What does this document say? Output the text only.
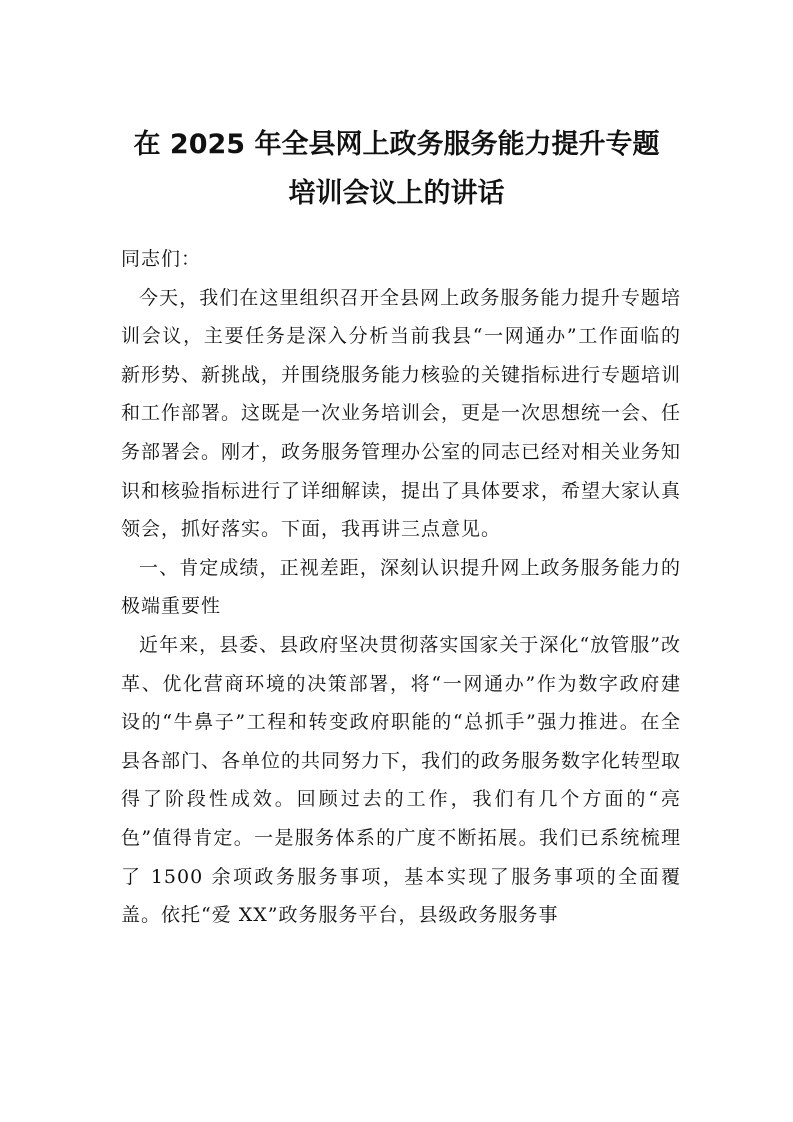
在 2025 年全县网上政务服务能力提升专题
培训会议上的讲话

同志们：

今天，我们在这里组织召开全县网上政务服务能力提升专题培训会议，主要任务是深入分析当前我县“一网通办”工作面临的新形势、新挑战，并围绕服务能力核验的关键指标进行专题培训和工作部署。这既是一次业务培训会，更是一次思想统一会、任务部署会。刚才，政务服务管理办公室的同志已经对相关业务知识和核验指标进行了详细解读，提出了具体要求，希望大家认真领会，抓好落实。下面，我再讲三点意见。

一、肯定成绩，正视差距，深刻认识提升网上政务服务能力的极端重要性

近年来，县委、县政府坚决贯彻落实国家关于深化“放管服”改革、优化营商环境的决策部署，将“一网通办”作为数字政府建设的“牛鼻子”工程和转变政府职能的“总抓手”强力推进。在全县各部门、各单位的共同努力下，我们的政务服务数字化转型取得了阶段性成效。回顾过去的工作，我们有几个方面的“亮色”值得肯定。一是服务体系的广度不断拓展。我们已系统梳理了 1500 余项政务服务事项，基本实现了服务事项的全面覆盖。依托“爱 XX”政务服务平台，县级政务服务事
